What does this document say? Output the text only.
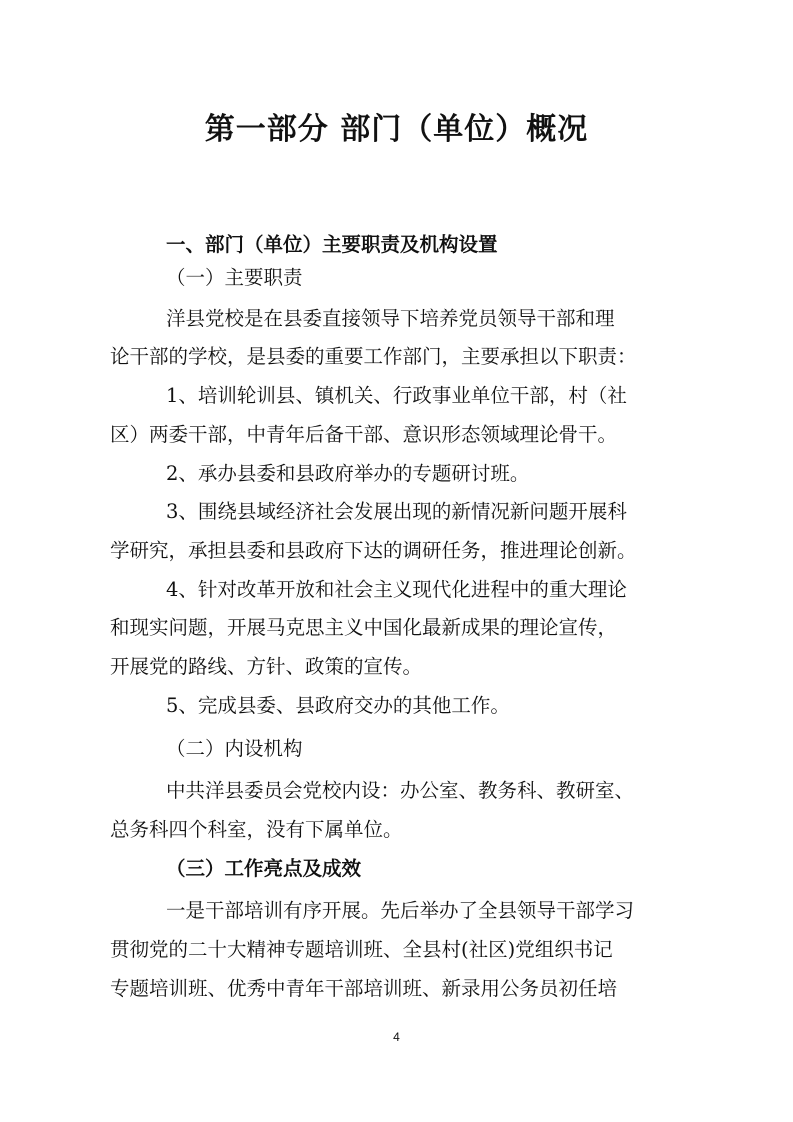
第一部分 部门（单位）概况
一、部门（单位）主要职责及机构设置
（一）主要职责
洋县党校是在县委直接领导下培养党员领导干部和理
论干部的学校，是县委的重要工作部门，主要承担以下职责：
1、培训轮训县、镇机关、行政事业单位干部，村（社
区）两委干部，中青年后备干部、意识形态领域理论骨干。
2、承办县委和县政府举办的专题研讨班。
3、围绕县域经济社会发展出现的新情况新问题开展科
学研究，承担县委和县政府下达的调研任务，推进理论创新。
4、针对改革开放和社会主义现代化进程中的重大理论
和现实问题，开展马克思主义中国化最新成果的理论宣传，
开展党的路线、方针、政策的宣传。
5、完成县委、县政府交办的其他工作。
（二）内设机构
中共洋县委员会党校内设：办公室、教务科、教研室、
总务科四个科室，没有下属单位。
（三）工作亮点及成效
一是干部培训有序开展。先后举办了全县领导干部学习
贯彻党的二十大精神专题培训班、全县村(社区)党组织书记
专题培训班、优秀中青年干部培训班、新录用公务员初任培
4
